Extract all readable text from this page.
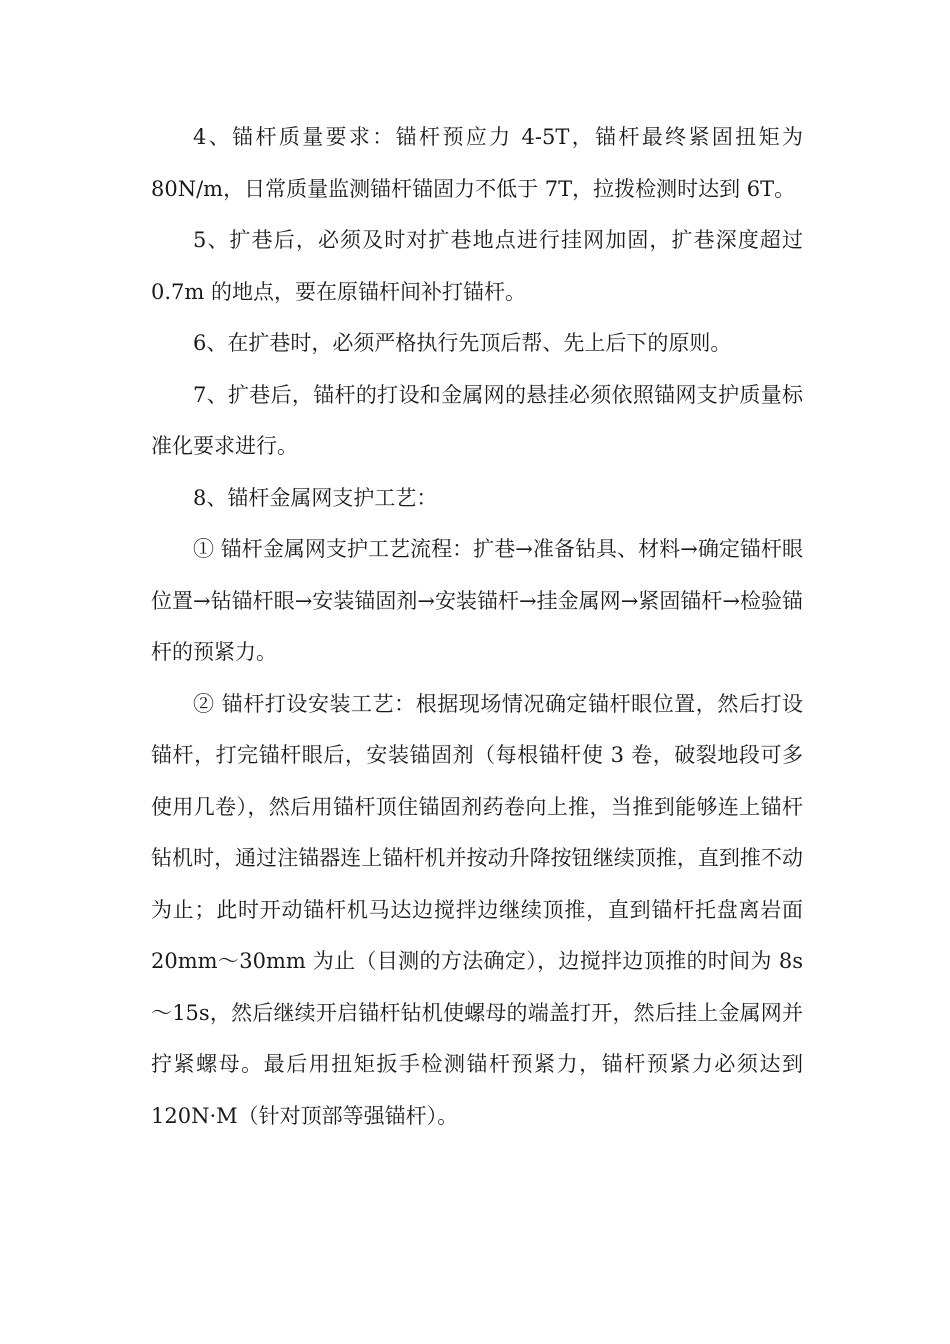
4、锚杆质量要求：锚杆预应力 4-5T，锚杆最终紧固扭矩为 80N/m，日常质量监测锚杆锚固力不低于 7T，拉拨检测时达到 6T。

5、扩巷后，必须及时对扩巷地点进行挂网加固，扩巷深度超过 0.7m 的地点，要在原锚杆间补打锚杆。

6、在扩巷时，必须严格执行先顶后帮、先上后下的原则。

7、扩巷后，锚杆的打设和金属网的悬挂必须依照锚网支护质量标准化要求进行。

8、锚杆金属网支护工艺：

① 锚杆金属网支护工艺流程：扩巷→准备钻具、材料→确定锚杆眼位置→钻锚杆眼→安装锚固剂→安装锚杆→挂金属网→紧固锚杆→检验锚杆的预紧力。

② 锚杆打设安装工艺：根据现场情况确定锚杆眼位置，然后打设锚杆，打完锚杆眼后，安装锚固剂（每根锚杆使 3 卷，破裂地段可多使用几卷），然后用锚杆顶住锚固剂药卷向上推，当推到能够连上锚杆钻机时，通过注锚器连上锚杆机并按动升降按钮继续顶推，直到推不动为止；此时开动锚杆机马达边搅拌边继续顶推，直到锚杆托盘离岩面 20mm～30mm 为止（目测的方法确定），边搅拌边顶推的时间为 8s～15s，然后继续开启锚杆钻机使螺母的端盖打开，然后挂上金属网并拧紧螺母。最后用扭矩扳手检测锚杆预紧力，锚杆预紧力必须达到 120N·M（针对顶部等强锚杆）。
